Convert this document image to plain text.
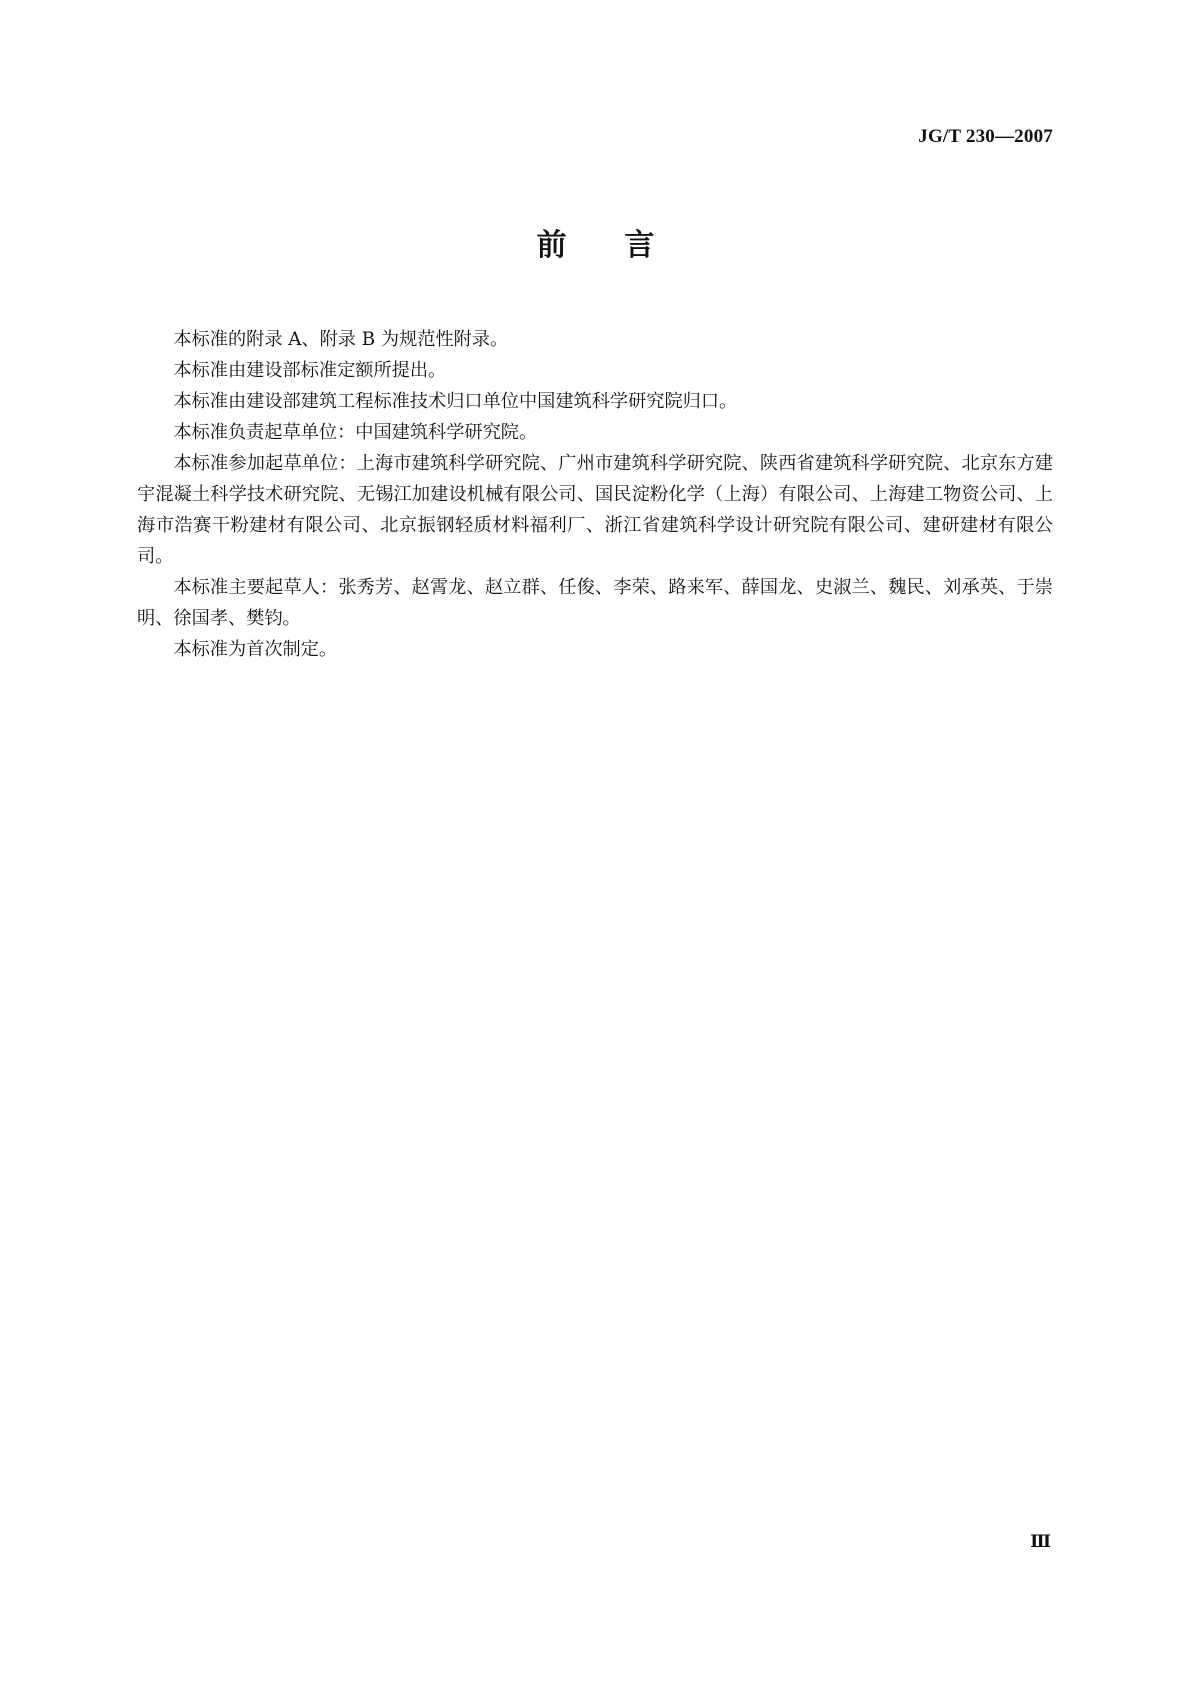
JG/T 230—2007
前言

本标准的附录 A、附录 B 为规范性附录。

本标准由建设部标准定额所提出。

本标准由建设部建筑工程标准技术归口单位中国建筑科学研究院归口。

本标准负责起草单位：中国建筑科学研究院。

本标准参加起草单位：上海市建筑科学研究院、广州市建筑科学研究院、陕西省建筑科学研究院、北京东方建宇混凝土科学技术研究院、无锡江加建设机械有限公司、国民淀粉化学（上海）有限公司、上海建工物资公司、上海市浩赛干粉建材有限公司、北京振钢轻质材料福利厂、浙江省建筑科学设计研究院有限公司、建研建材有限公司。

本标准主要起草人：张秀芳、赵霄龙、赵立群、任俊、李荣、路来军、薛国龙、史淑兰、魏民、刘承英、于崇明、徐国孝、樊钧。

本标准为首次制定。

Ⅲ
